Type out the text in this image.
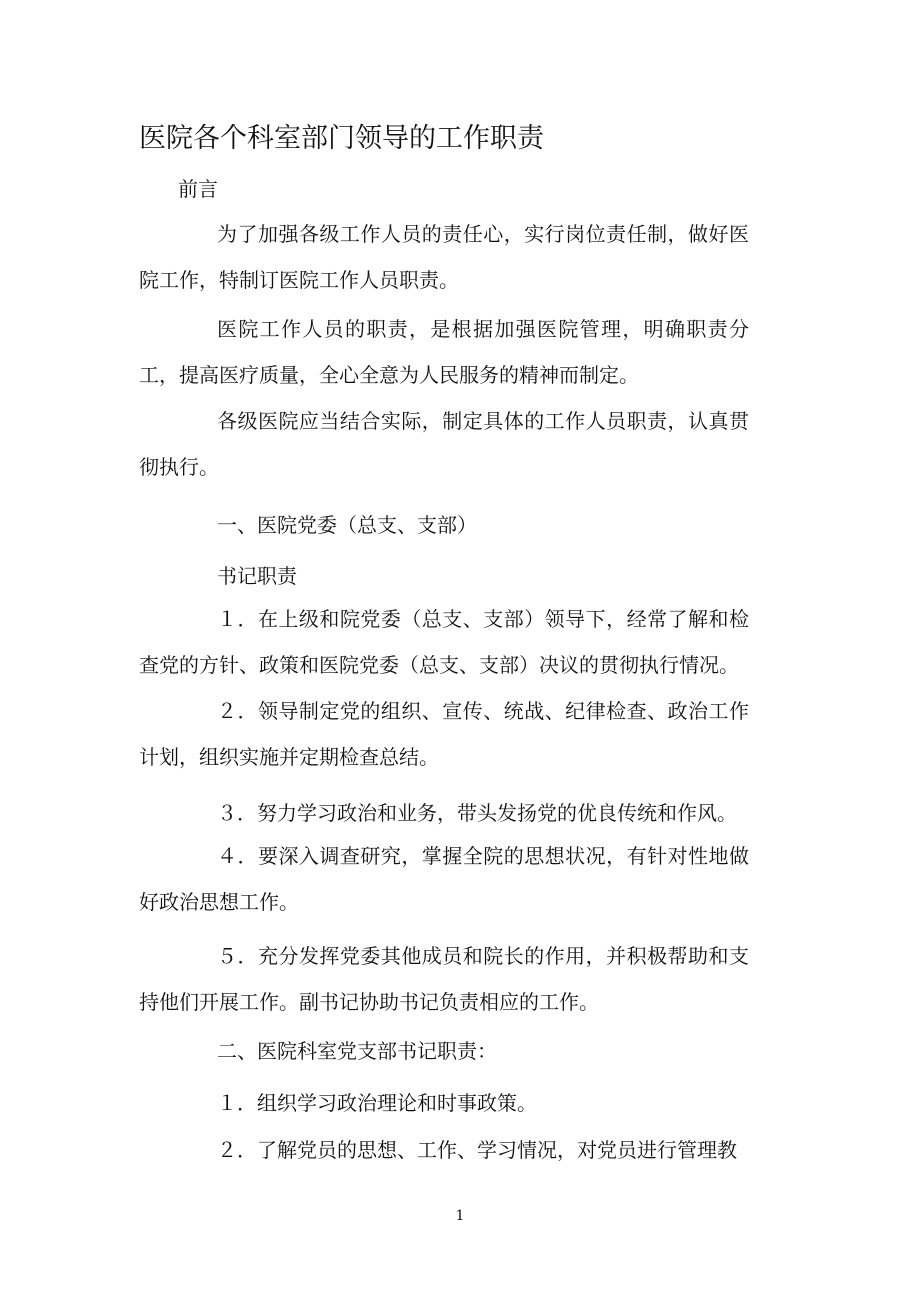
医院各个科室部门领导的工作职责

前言

为了加强各级工作人员的责任心，实行岗位责任制，做好医院工作，特制订医院工作人员职责。

医院工作人员的职责，是根据加强医院管理，明确职责分工，提高医疗质量，全心全意为人民服务的精神而制定。

各级医院应当结合实际，制定具体的工作人员职责，认真贯彻执行。

一、医院党委（总支、支部）

书记职责

１．在上级和院党委（总支、支部）领导下，经常了解和检查党的方针、政策和医院党委（总支、支部）决议的贯彻执行情况。

２．领导制定党的组织、宣传、统战、纪律检查、政治工作计划，组织实施并定期检查总结。

３．努力学习政治和业务，带头发扬党的优良传统和作风。

４．要深入调查研究，掌握全院的思想状况，有针对性地做好政治思想工作。

５．充分发挥党委其他成员和院长的作用，并积极帮助和支持他们开展工作。副书记协助书记负责相应的工作。

二、医院科室党支部书记职责：

１．组织学习政治理论和时事政策。

２．了解党员的思想、工作、学习情况，对党员进行管理教

1
